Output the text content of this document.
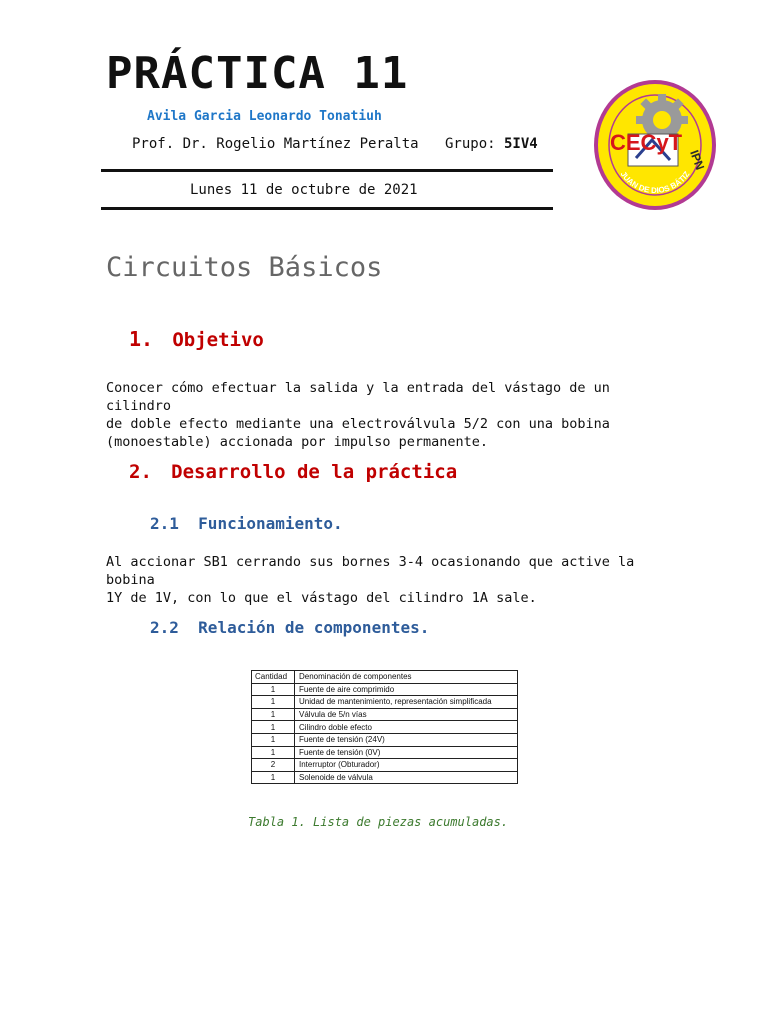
PRÁCTICA 11
Avila Garcia Leonardo Tonatiuh
Prof. Dr. Rogelio Martínez Peralta Grupo: 5IV4
Lunes 11 de octubre de 2021
CECyT
IPN
JUAN DE DIOS BÁTIZ
Circuitos Básicos
1. Objetivo
Conocer cómo efectuar la salida y la entrada del vástago de un cilindro
de doble efecto mediante una electroválvula 5/2 con una bobina
(monoestable) accionada por impulso permanente.
2. Desarrollo de la práctica
2.1 Funcionamiento.
Al accionar SB1 cerrando sus bornes 3-4 ocasionando que active la bobina
1Y de 1V, con lo que el vástago del cilindro 1A sale.
2.2 Relación de componentes.
Cantidad	Denominación de componentes
1	Fuente de aire comprimido
1	Unidad de mantenimiento, representación simplificada
1	Válvula de 5/n vías
1	Cilindro doble efecto
1	Fuente de tensión (24V)
1	Fuente de tensión (0V)
2	Interruptor (Obturador)
1	Solenoide de válvula
Tabla 1. Lista de piezas acumuladas.
